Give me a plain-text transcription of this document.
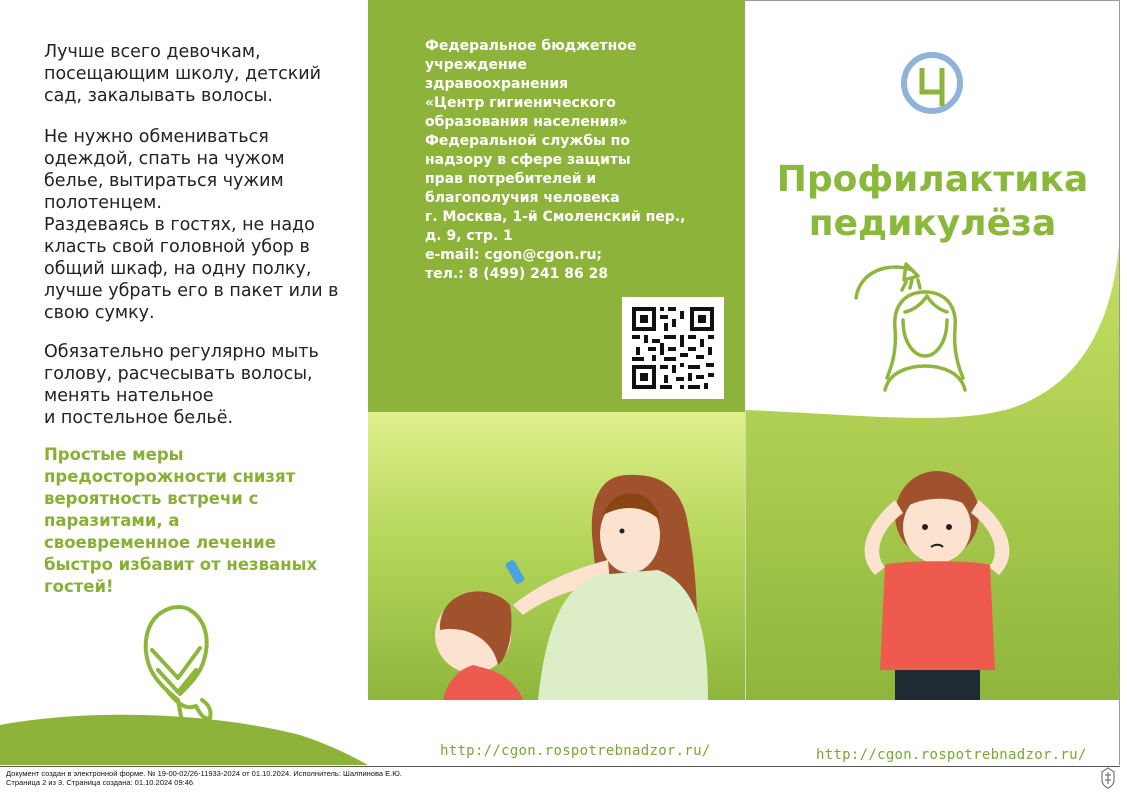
Лучше всего девочкам,
посещающим школу, детский
сад, закалывать волосы.

Не нужно обмениваться
одеждой, спать на чужом
белье, вытираться чужим
полотенцем.
Раздеваясь в гостях, не надо
класть свой головной убор в
общий шкаф, на одну полку,
лучше убрать его в пакет или в
свою сумку.

Обязательно регулярно мыть
голову, расчесывать волосы,
менять нательное
и постельное бельё.

Простые меры
предосторожности снизят
вероятность встречи с
паразитами, а
своевременное лечение
быстро избавит от незваных
гостей!

Федеральное бюджетное
учреждение
здравоохранения
«Центр гигиенического
образования населения»
Федеральной службы по
надзору в сфере защиты
прав потребителей и
благополучия человека
г. Москва, 1-й Смоленский пер.,
д. 9, стр. 1
e-mail: cgon@cgon.ru;
тел.: 8 (499) 241 86 28

Профилактика
педикулёза
http://cgon.rospotrebnadzor.ru/	http://cgon.rospotrebnadzor.ru/
Документ создан в электронной форме. № 19-00-02/26-11933-2024 от 01.10.2024. Исполнитель: Шалпинова Е.Ю.
Страница 2 из 3. Страница создана: 01.10.2024 09:46
